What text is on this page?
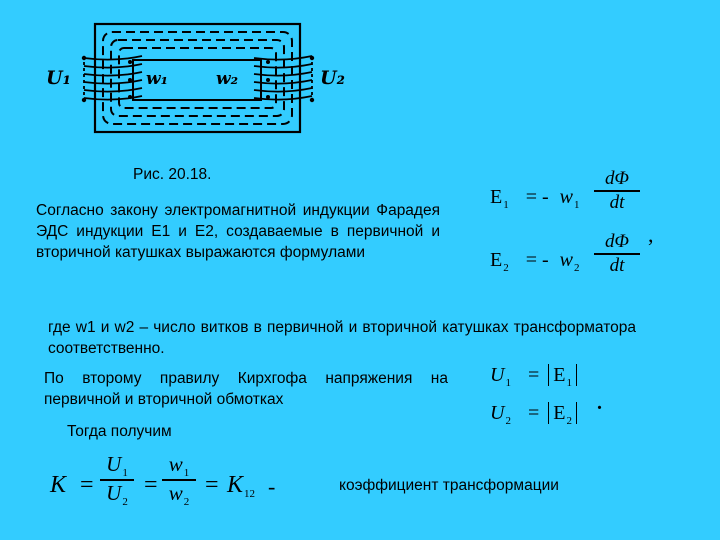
U₁	w₁	w₂	U₂
Рис. 20.18.
Согласно закону электромагнитной индукции Фарадея ЭДС индукции Е1 и Е2, создаваемые в первичной и вторичной катушках выражаются формулами
$E_1$ = - $w_1$
dΦ
dt
$E_2$ = - $w_2$
dΦ
dt
,
где w1 и w2 – число витков в первичной и вторичной катушках трансформатора соответственно.
$U_1 = E_1$
$U_2 = E_2$
.
По второму правилу Кирхгофа напряжения на первичной и вторичной обмотках
Тогда получим
K =
$U_1$
$U_2$
=
$w_1$
$w_2$
= $K_{12}$ -	коэффициент трансформации
